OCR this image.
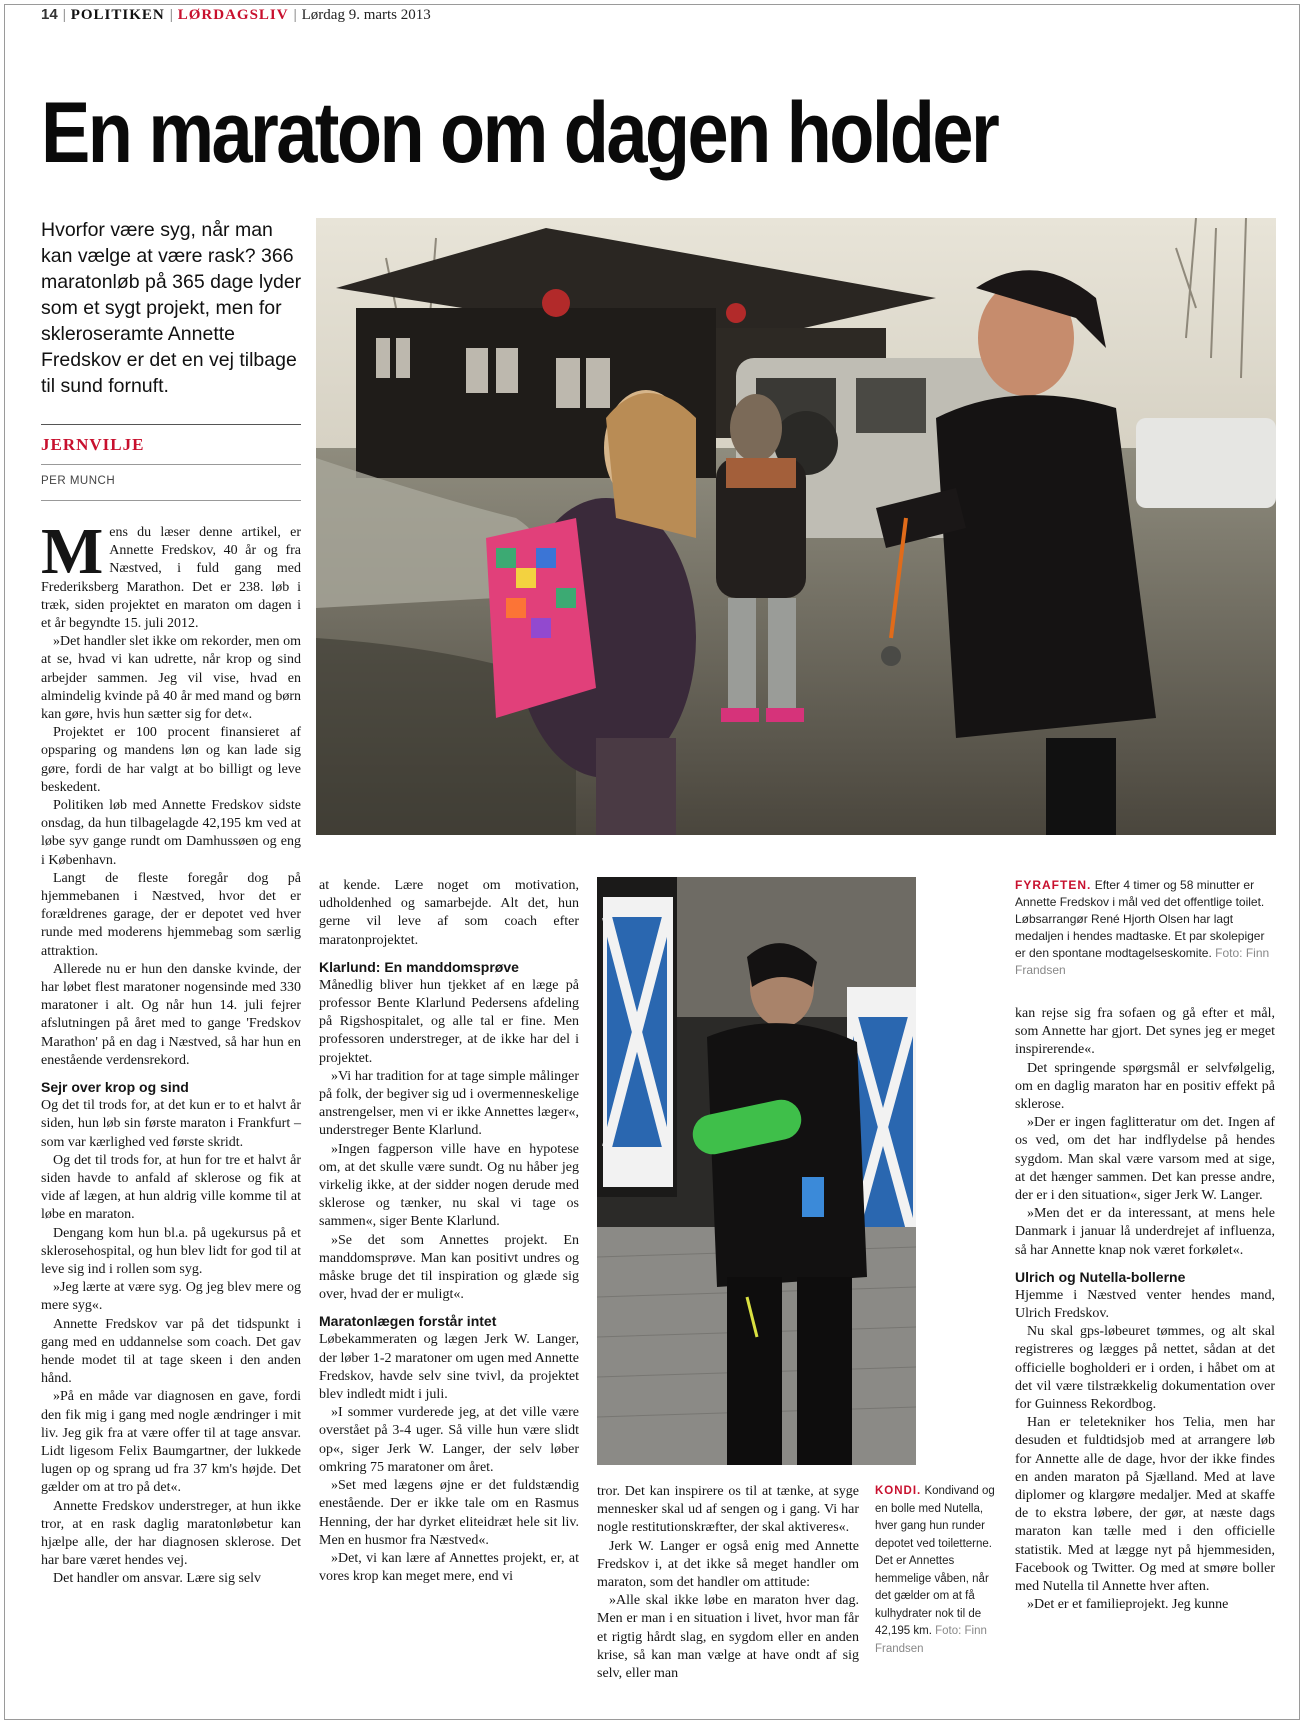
14 | POLITIKEN | LØRDAGSLIV | Lørdag 9. marts 2013
En maraton om dagen holder
Hvorfor være syg, når man kan vælge at være rask? 366 maratonløb på 365 dage lyder som et sygt projekt, men for skleroseramte Annette Fredskov er det en vej tilbage til sund fornuft.
JERNVILJE
PER MUNCH

Mens du læser denne artikel, er Annette Fredskov, 40 år og fra Næstved, i fuld gang med Frederiksberg Marathon. Det er 238. løb i træk, siden projektet en maraton om dagen i et år begyndte 15. juli 2012.

»Det handler slet ikke om rekorder, men om at se, hvad vi kan udrette, når krop og sind arbejder sammen. Jeg vil vise, hvad en almindelig kvinde på 40 år med mand og børn kan gøre, hvis hun sætter sig for det«.

Projektet er 100 procent finansieret af opsparing og mandens løn og kan lade sig gøre, fordi de har valgt at bo billigt og leve beskedent.

Politiken løb med Annette Fredskov sidste onsdag, da hun tilbagelagde 42,195 km ved at løbe syv gange rundt om Damhussøen og eng i København.

Langt de fleste foregår dog på hjemmebanen i Næstved, hvor det er forældrenes garage, der er depotet ved hver runde med moderens hjemmebag som særlig attraktion.

Allerede nu er hun den danske kvinde, der har løbet flest maratoner nogensinde med 330 maratoner i alt. Og når hun 14. juli fejrer afslutningen på året med to gange 'Fredskov Marathon' på en dag i Næstved, så har hun en enestående verdensrekord.

Sejr over krop og sind

Og det til trods for, at det kun er to et halvt år siden, hun løb sin første maraton i Frankfurt – som var kærlighed ved første skridt.

Og det til trods for, at hun for tre et halvt år siden havde to anfald af sklerose og fik at vide af lægen, at hun aldrig ville komme til at løbe en maraton.

Dengang kom hun bl.a. på ugekursus på et sklerosehospital, og hun blev lidt for god til at leve sig ind i rollen som syg.

»Jeg lærte at være syg. Og jeg blev mere og mere syg«.

Annette Fredskov var på det tidspunkt i gang med en uddannelse som coach. Det gav hende modet til at tage skeen i den anden hånd.

»På en måde var diagnosen en gave, fordi den fik mig i gang med nogle ændringer i mit liv. Jeg gik fra at være offer til at tage ansvar. Lidt ligesom Felix Baumgartner, der lukkede lugen op og sprang ud fra 37 km's højde. Det gælder om at tro på det«.

Annette Fredskov understreger, at hun ikke tror, at en rask daglig maratonløbetur kan hjælpe alle, der har diagnosen sklerose. Det har bare været hendes vej.

Det handler om ansvar. Lære sig selv

at kende. Lære noget om motivation, udholdenhed og samarbejde. Alt det, hun gerne vil leve af som coach efter maratonprojektet.

Klarlund: En manddomsprøve

Månedlig bliver hun tjekket af en læge på professor Bente Klarlund Pedersens afdeling på Rigshospitalet, og alle tal er fine. Men professoren understreger, at de ikke har del i projektet.

»Vi har tradition for at tage simple målinger på folk, der begiver sig ud i overmenneskelige anstrengelser, men vi er ikke Annettes læger«, understreger Bente Klarlund.

»Ingen fagperson ville have en hypotese om, at det skulle være sundt. Og nu håber jeg virkelig ikke, at der sidder nogen derude med sklerose og tænker, nu skal vi tage os sammen«, siger Bente Klarlund.

»Se det som Annettes projekt. En manddomsprøve. Man kan positivt undres og måske bruge det til inspiration og glæde sig over, hvad der er muligt«.

Maratonlægen forstår intet

Løbekammeraten og lægen Jerk W. Langer, der løber 1-2 maratoner om ugen med Annette Fredskov, havde selv sine tvivl, da projektet blev indledt midt i juli.

»I sommer vurderede jeg, at det ville være overstået på 3-4 uger. Så ville hun være slidt op«, siger Jerk W. Langer, der selv løber omkring 75 maratoner om året.

»Set med lægens øjne er det fuldstændig enestående. Der er ikke tale om en Rasmus Henning, der har dyrket eliteidræt hele sit liv. Men en husmor fra Næstved«.

»Det, vi kan lære af Annettes projekt, er, at vores krop kan meget mere, end vi

tror. Det kan inspirere os til at tænke, at syge mennesker skal ud af sengen og i gang. Vi har nogle restitutionskræfter, der skal aktiveres«.

Jerk W. Langer er også enig med Annette Fredskov i, at det ikke så meget handler om maraton, som det handler om attitude:

»Alle skal ikke løbe en maraton hver dag. Men er man i en situation i livet, hvor man får et rigtig hårdt slag, en sygdom eller en anden krise, så kan man vælge at have ondt af sig selv, eller man

KONDI. Kondivand og en bolle med Nutella, hver gang hun runder depotet ved toiletterne. Det er Annettes hemmelige våben, når det gælder om at få kulhydrater nok til de 42,195 km. Foto: Finn Frandsen
FYRAFTEN. Efter 4 timer og 58 minutter er Annette Fredskov i mål ved det offentlige toilet. Løbsarrangør René Hjorth Olsen har lagt medaljen i hendes madtaske. Et par skolepiger er den spontane modtagelseskomite. Foto: Finn Frandsen

kan rejse sig fra sofaen og gå efter et mål, som Annette har gjort. Det synes jeg er meget inspirerende«.

Det springende spørgsmål er selvfølgelig, om en daglig maraton har en positiv effekt på sklerose.

»Der er ingen faglitteratur om det. Ingen af os ved, om det har indflydelse på hendes sygdom. Man skal være varsom med at sige, at det hænger sammen. Det kan presse andre, der er i den situation«, siger Jerk W. Langer.

»Men det er da interessant, at mens hele Danmark i januar lå underdrejet af influenza, så har Annette knap nok været forkølet«.

Ulrich og Nutella-bollerne

Hjemme i Næstved venter hendes mand, Ulrich Fredskov.

Nu skal gps-løbeuret tømmes, og alt skal registreres og lægges på nettet, sådan at det officielle bogholderi er i orden, i håbet om at det vil være tilstrækkelig dokumentation over for Guinness Rekordbog.

Han er teletekniker hos Telia, men har desuden et fuldtidsjob med at arrangere løb for Annette alle de dage, hvor der ikke findes en anden maraton på Sjælland. Med at lave diplomer og klargøre medaljer. Med at skaffe de to ekstra løbere, der gør, at næste dags maraton kan tælle med i den officielle statistik. Med at lægge nyt på hjemmesiden, Facebook og Twitter. Og med at smøre boller med Nutella til Annette hver aften.

»Det er et familieprojekt. Jeg kunne
